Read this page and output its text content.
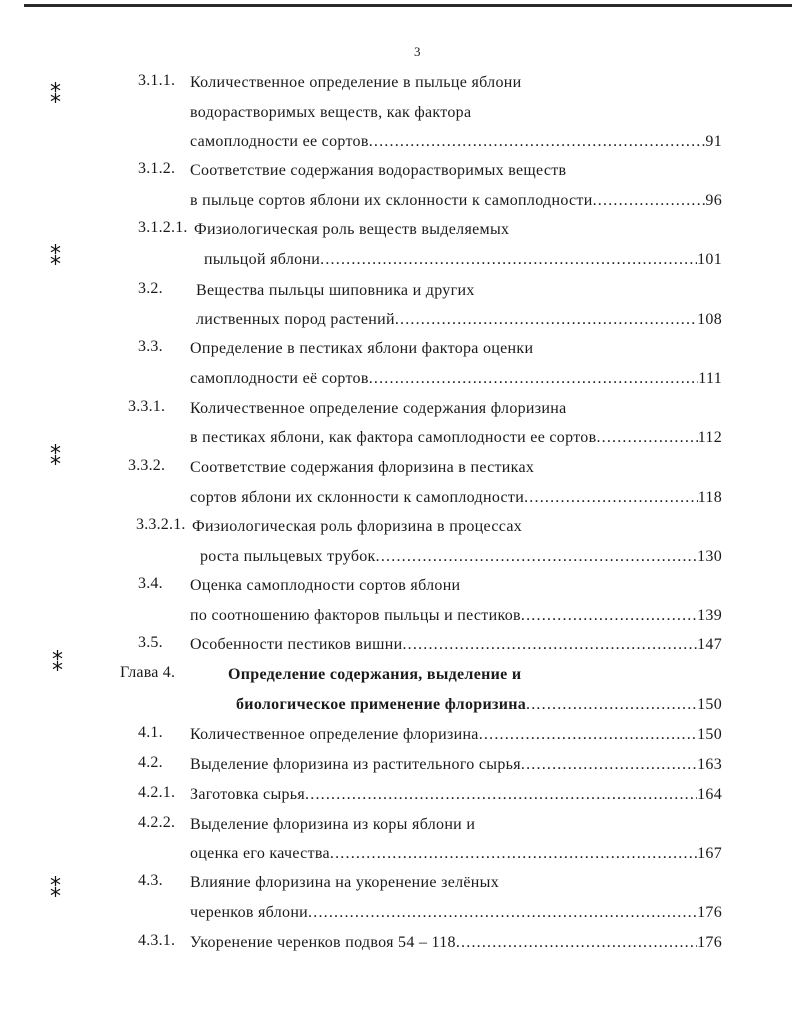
3
⁑
⁑
⁑
⁑
⁑
3.1.1. Количественное определение в пыльце яблони
водорастворимых веществ, как фактора
самоплодности ее сортов .....	91
3.1.2. Соответствие содержания водорастворимых веществ
в пыльце сортов яблони их склонности к самоплодности .....	96
3.1.2.1. Физиологическая роль веществ выделяемых
пыльцой яблони .....	101
3.2. Вещества пыльцы шиповника и других
лиственных пород растений .....	108
3.3. Определение в пестиках яблони фактора оценки
самоплодности её сортов .....	111
3.3.1. Количественное определение содержания флоризина
в пестиках яблони, как фактора самоплодности ее сортов .....	112
3.3.2. Соответствие содержания флоризина в пестиках
сортов яблони их склонности к самоплодности .....	118
3.3.2.1. Физиологическая роль флоризина в процессах
роста пыльцевых трубок .....	130
3.4. Оценка самоплодности сортов яблони
по соотношению факторов пыльцы и пестиков .....	139
3.5. Особенности пестиков вишни .....	147
Глава 4.	Определение содержания, выделение и
биологическое применение флоризина .....	150
4.1. Количественное определение флоризина .....	150
4.2. Выделение флоризина из растительного сырья .....	163
4.2.1. Заготовка сырья .....	164
4.2.2. Выделение флоризина из коры яблони и
оценка его качества .....	167
4.3. Влияние флоризина на укоренение зелёных
черенков яблони .....	176
4.3.1. Укоренение черенков подвоя 54 – 118 .....	176
